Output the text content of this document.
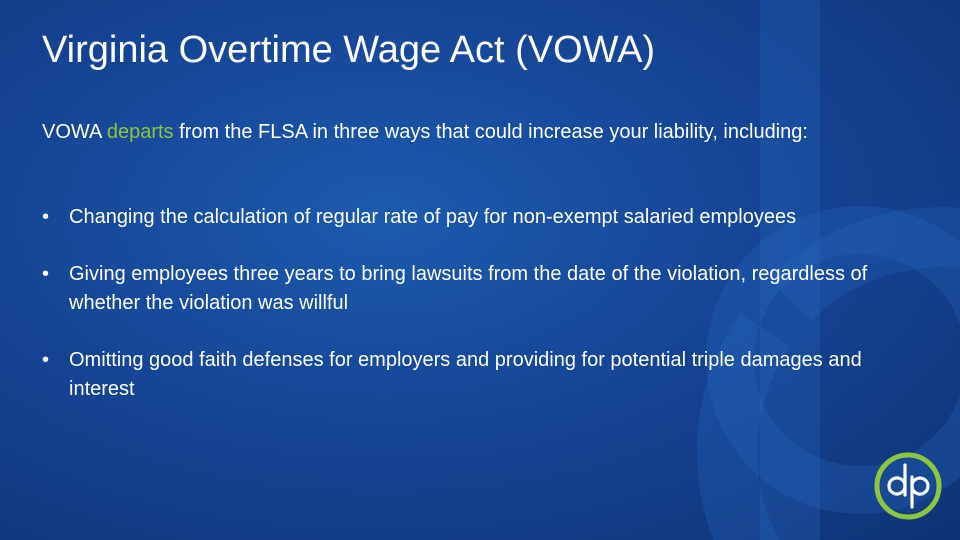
Virginia Overtime Wage Act (VOWA)

VOWA departs from the FLSA in three ways that could increase your liability, including:

• Changing the calculation of regular rate of pay for non-exempt salaried employees
• Giving employees three years to bring lawsuits from the date of the violation, regardless of whether the violation was willful
• Omitting good faith defenses for employers and providing for potential triple damages and interest
